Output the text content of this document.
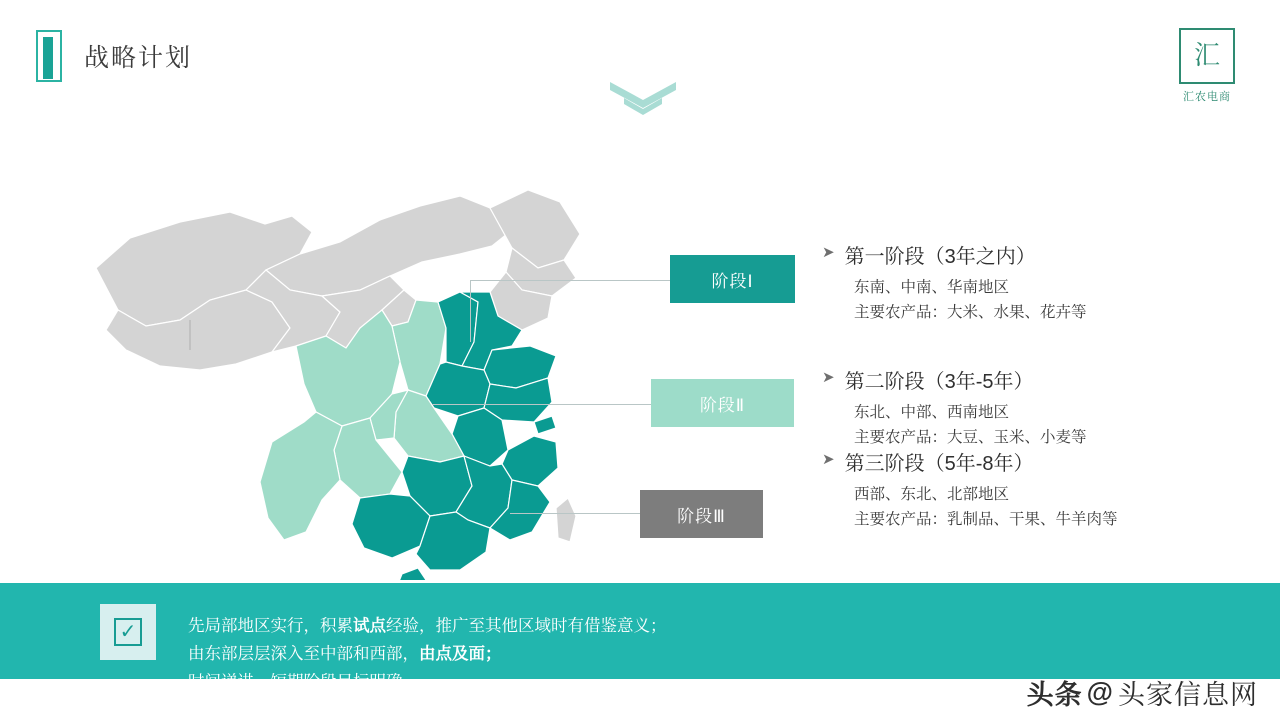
战略计划	汇
汇农电商
阶段Ⅰ
阶段Ⅱ
阶段Ⅲ
➤ 第一阶段（3年之内）
东南、中南、华南地区
主要农产品：大米、水果、花卉等
➤ 第二阶段（3年-5年）
东北、中部、西南地区
主要农产品：大豆、玉米、小麦等
➤ 第三阶段（5年-8年）
西部、东北、北部地区
主要农产品：乳制品、干果、牛羊肉等
✓	先局部地区实行，积累试点经验，推广至其他区域时有借鉴意义；
由东部层层深入至中部和西部，由点及面；
时间递进，短期阶段目标明确。	头条 @ 头家信息网
